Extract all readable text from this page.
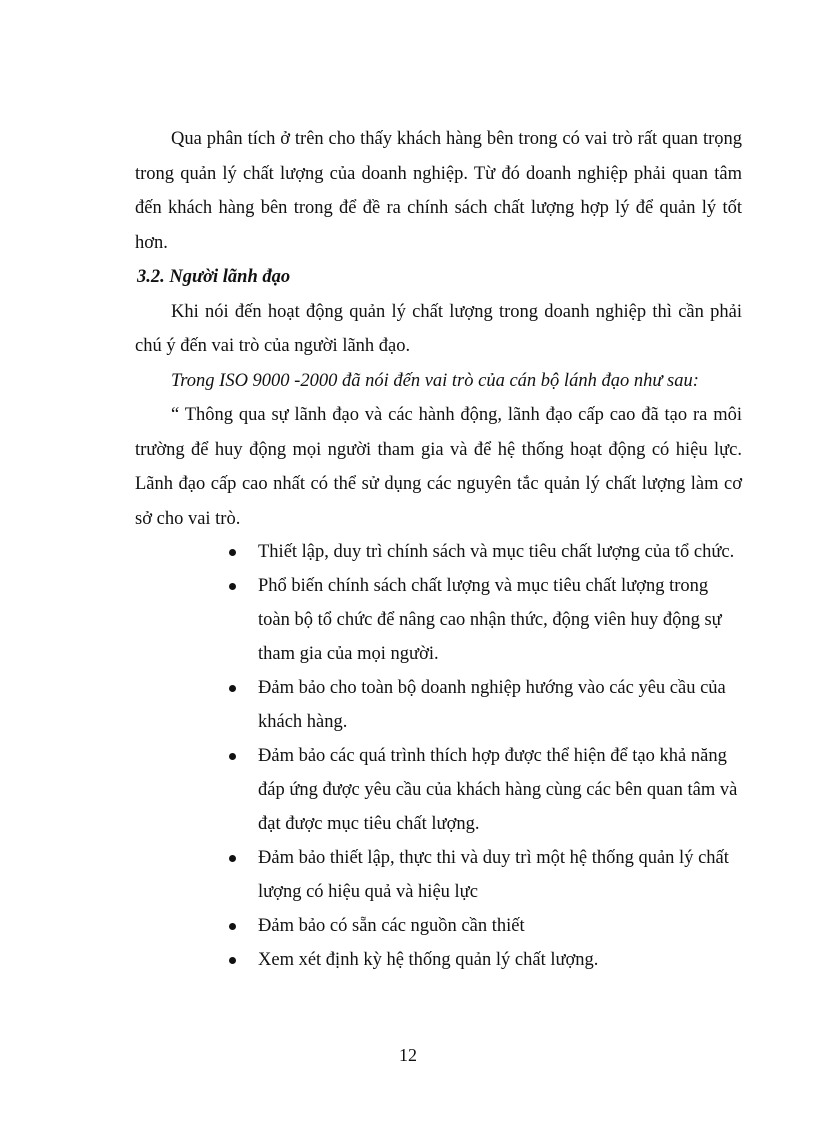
Qua phân tích ở trên cho thấy khách hàng bên trong có vai trò rất quan trọng trong quản lý chất lượng của doanh nghiệp. Từ đó doanh nghiệp phải quan tâm đến khách hàng bên trong để đề ra chính sách chất lượng hợp lý để quản lý tốt hơn.

3.2. Người lãnh đạo

Khi nói đến hoạt động quản lý chất lượng trong doanh nghiệp thì cần phải chú ý đến vai trò của người lãnh đạo.

Trong ISO 9000 -2000 đã nói đến vai trò của cán bộ lánh đạo như sau:

“ Thông qua sự lãnh đạo và các hành động, lãnh đạo cấp cao đã tạo ra môi trường để huy động mọi người tham gia và để hệ thống hoạt động có hiệu lực. Lãnh đạo cấp cao nhất có thể sử dụng các nguyên tắc quản lý chất lượng làm cơ sở cho vai trò.

Thiết lập, duy trì chính sách và mục tiêu chất lượng của tổ chức.
Phổ biến chính sách chất lượng và mục tiêu chất lượng trong toàn bộ tổ chức để nâng cao nhận thức, động viên huy động sự tham gia của mọi người.
Đảm bảo cho toàn bộ doanh nghiệp hướng vào các yêu cầu của khách hàng.
Đảm bảo các quá trình thích hợp được thể hiện để tạo khả năng đáp ứng được yêu cầu của khách hàng cùng các bên quan tâm và đạt được mục tiêu chất lượng.
Đảm bảo thiết lập, thực thi và duy trì một hệ thống quản lý chất lượng có hiệu quả và hiệu lực
Đảm bảo có sẵn các nguồn cần thiết
Xem xét định kỳ hệ thống quản lý chất lượng.
12
